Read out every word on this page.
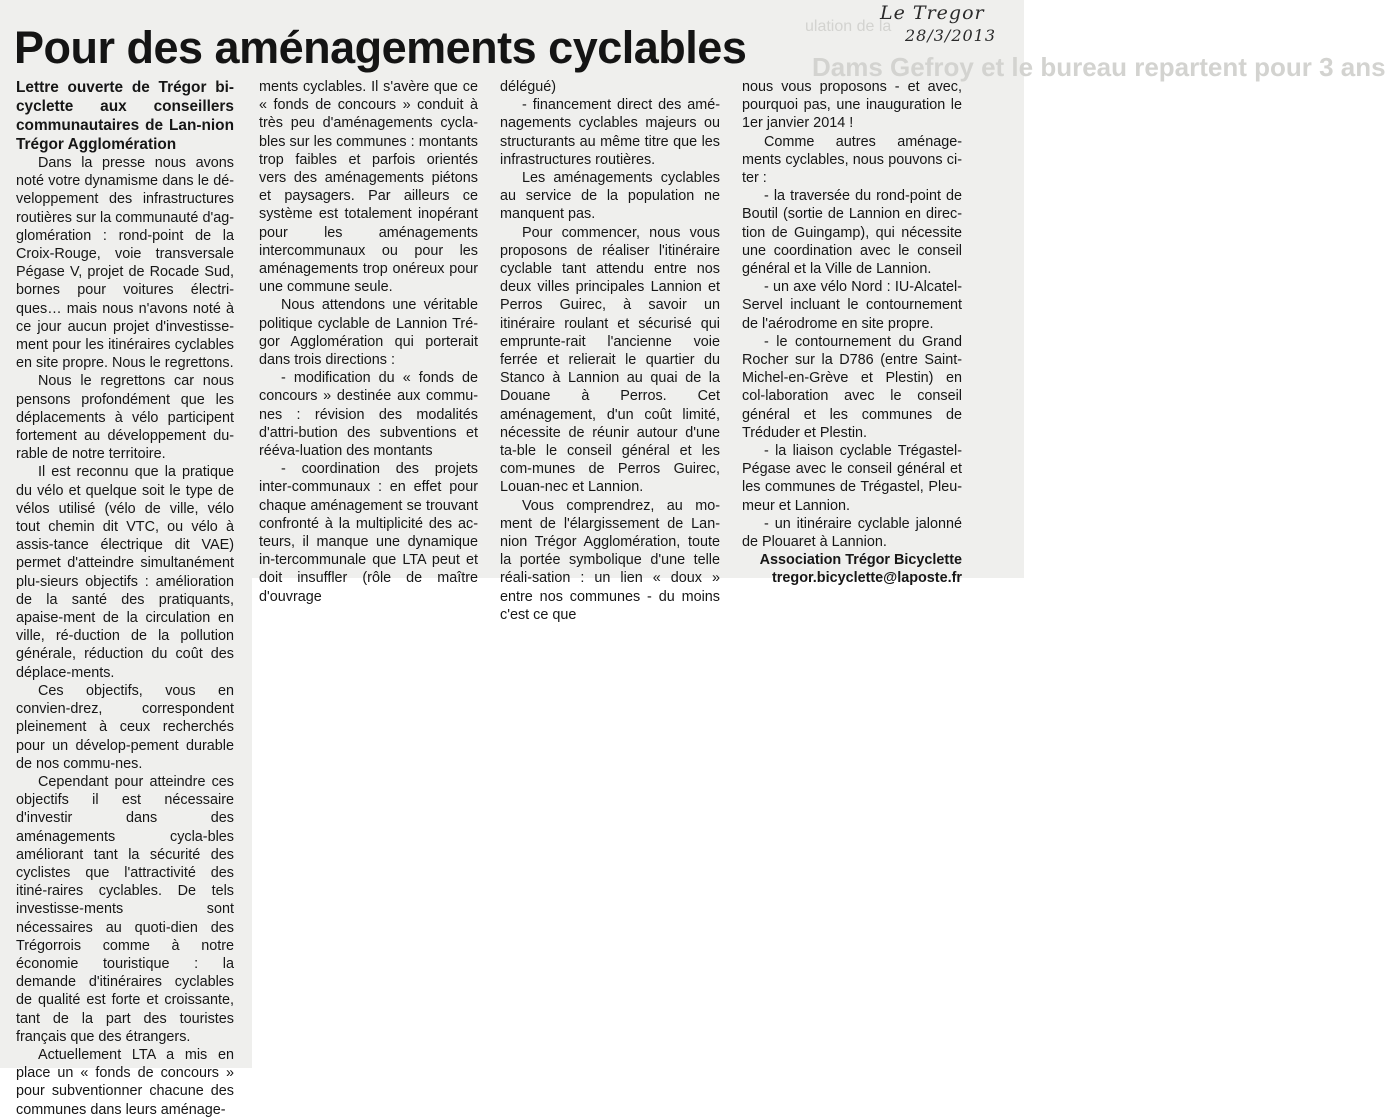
Le Tregor
28/3/2013
ulation de la
Dams Gefroy et le bureau repartent pour 3 ans
Pour des aménagements cyclables

Lettre ouverte de Trégor bi-cyclette aux conseillers communautaires de Lan-nion Trégor Agglomération

Dans la presse nous avons noté votre dynamisme dans le dé-veloppement des infrastructures routières sur la communauté d'ag-glomération : rond-point de la Croix-Rouge, voie transversale Pégase V, projet de Rocade Sud, bornes pour voitures électri-ques… mais nous n'avons noté à ce jour aucun projet d'investisse-ment pour les itinéraires cyclables en site propre. Nous le regrettons.

Nous le regrettons car nous pensons profondément que les déplacements à vélo participent fortement au développement du-rable de notre territoire.

Il est reconnu que la pratique du vélo et quelque soit le type de vélos utilisé (vélo de ville, vélo tout chemin dit VTC, ou vélo à assis-tance électrique dit VAE) permet d'atteindre simultanément plu-sieurs objectifs : amélioration de la santé des pratiquants, apaise-ment de la circulation en ville, ré-duction de la pollution générale, réduction du coût des déplace-ments.

Ces objectifs, vous en convien-drez, correspondent pleinement à ceux recherchés pour un dévelop-pement durable de nos commu-nes.

Cependant pour atteindre ces objectifs il est nécessaire d'investir dans des aménagements cycla-bles améliorant tant la sécurité des cyclistes que l'attractivité des itiné-raires cyclables. De tels investisse-ments sont nécessaires au quoti-dien des Trégorrois comme à notre économie touristique : la demande d'itinéraires cyclables de qualité est forte et croissante, tant de la part des touristes français que des étrangers.

Actuellement LTA a mis en place un « fonds de concours » pour subventionner chacune des communes dans leurs aménage-

ments cyclables. Il s'avère que ce « fonds de concours » conduit à très peu d'aménagements cycla-bles sur les communes : montants trop faibles et parfois orientés vers des aménagements piétons et paysagers. Par ailleurs ce système est totalement inopérant pour les aménagements intercommunaux ou pour les aménagements trop onéreux pour une commune seule.

Nous attendons une véritable politique cyclable de Lannion Tré-gor Agglomération qui porterait dans trois directions :

- modification du « fonds de concours » destinée aux commu-nes : révision des modalités d'attri-bution des subventions et rééva-luation des montants

- coordination des projets inter-communaux : en effet pour chaque aménagement se trouvant confronté à la multiplicité des ac-teurs, il manque une dynamique in-tercommunale que LTA peut et doit insuffler (rôle de maître d'ouvrage

délégué)

- financement direct des amé-nagements cyclables majeurs ou structurants au même titre que les infrastructures routières.

Les aménagements cyclables au service de la population ne manquent pas.

Pour commencer, nous vous proposons de réaliser l'itinéraire cyclable tant attendu entre nos deux villes principales Lannion et Perros Guirec, à savoir un itinéraire roulant et sécurisé qui emprunte-rait l'ancienne voie ferrée et relierait le quartier du Stanco à Lannion au quai de la Douane à Perros. Cet aménagement, d'un coût limité, nécessite de réunir autour d'une ta-ble le conseil général et les com-munes de Perros Guirec, Louan-nec et Lannion.

Vous comprendrez, au mo-ment de l'élargissement de Lan-nion Trégor Agglomération, toute la portée symbolique d'une telle réali-sation : un lien « doux » entre nos communes - du moins c'est ce que

nous vous proposons - et avec, pourquoi pas, une inauguration le 1er janvier 2014 !

Comme autres aménage-ments cyclables, nous pouvons ci-ter :

- la traversée du rond-point de Boutil (sortie de Lannion en direc-tion de Guingamp), qui nécessite une coordination avec le conseil général et la Ville de Lannion.

- un axe vélo Nord : IU-Alcatel-Servel incluant le contournement de l'aérodrome en site propre.

- le contournement du Grand Rocher sur la D786 (entre Saint-Michel-en-Grève et Plestin) en col-laboration avec le conseil général et les communes de Tréduder et Plestin.

- la liaison cyclable Trégastel-Pégase avec le conseil général et les communes de Trégastel, Pleu-meur et Lannion.

- un itinéraire cyclable jalonné de Plouaret à Lannion.

Association Trégor Bicyclette

tregor.bicyclette@laposte.fr
